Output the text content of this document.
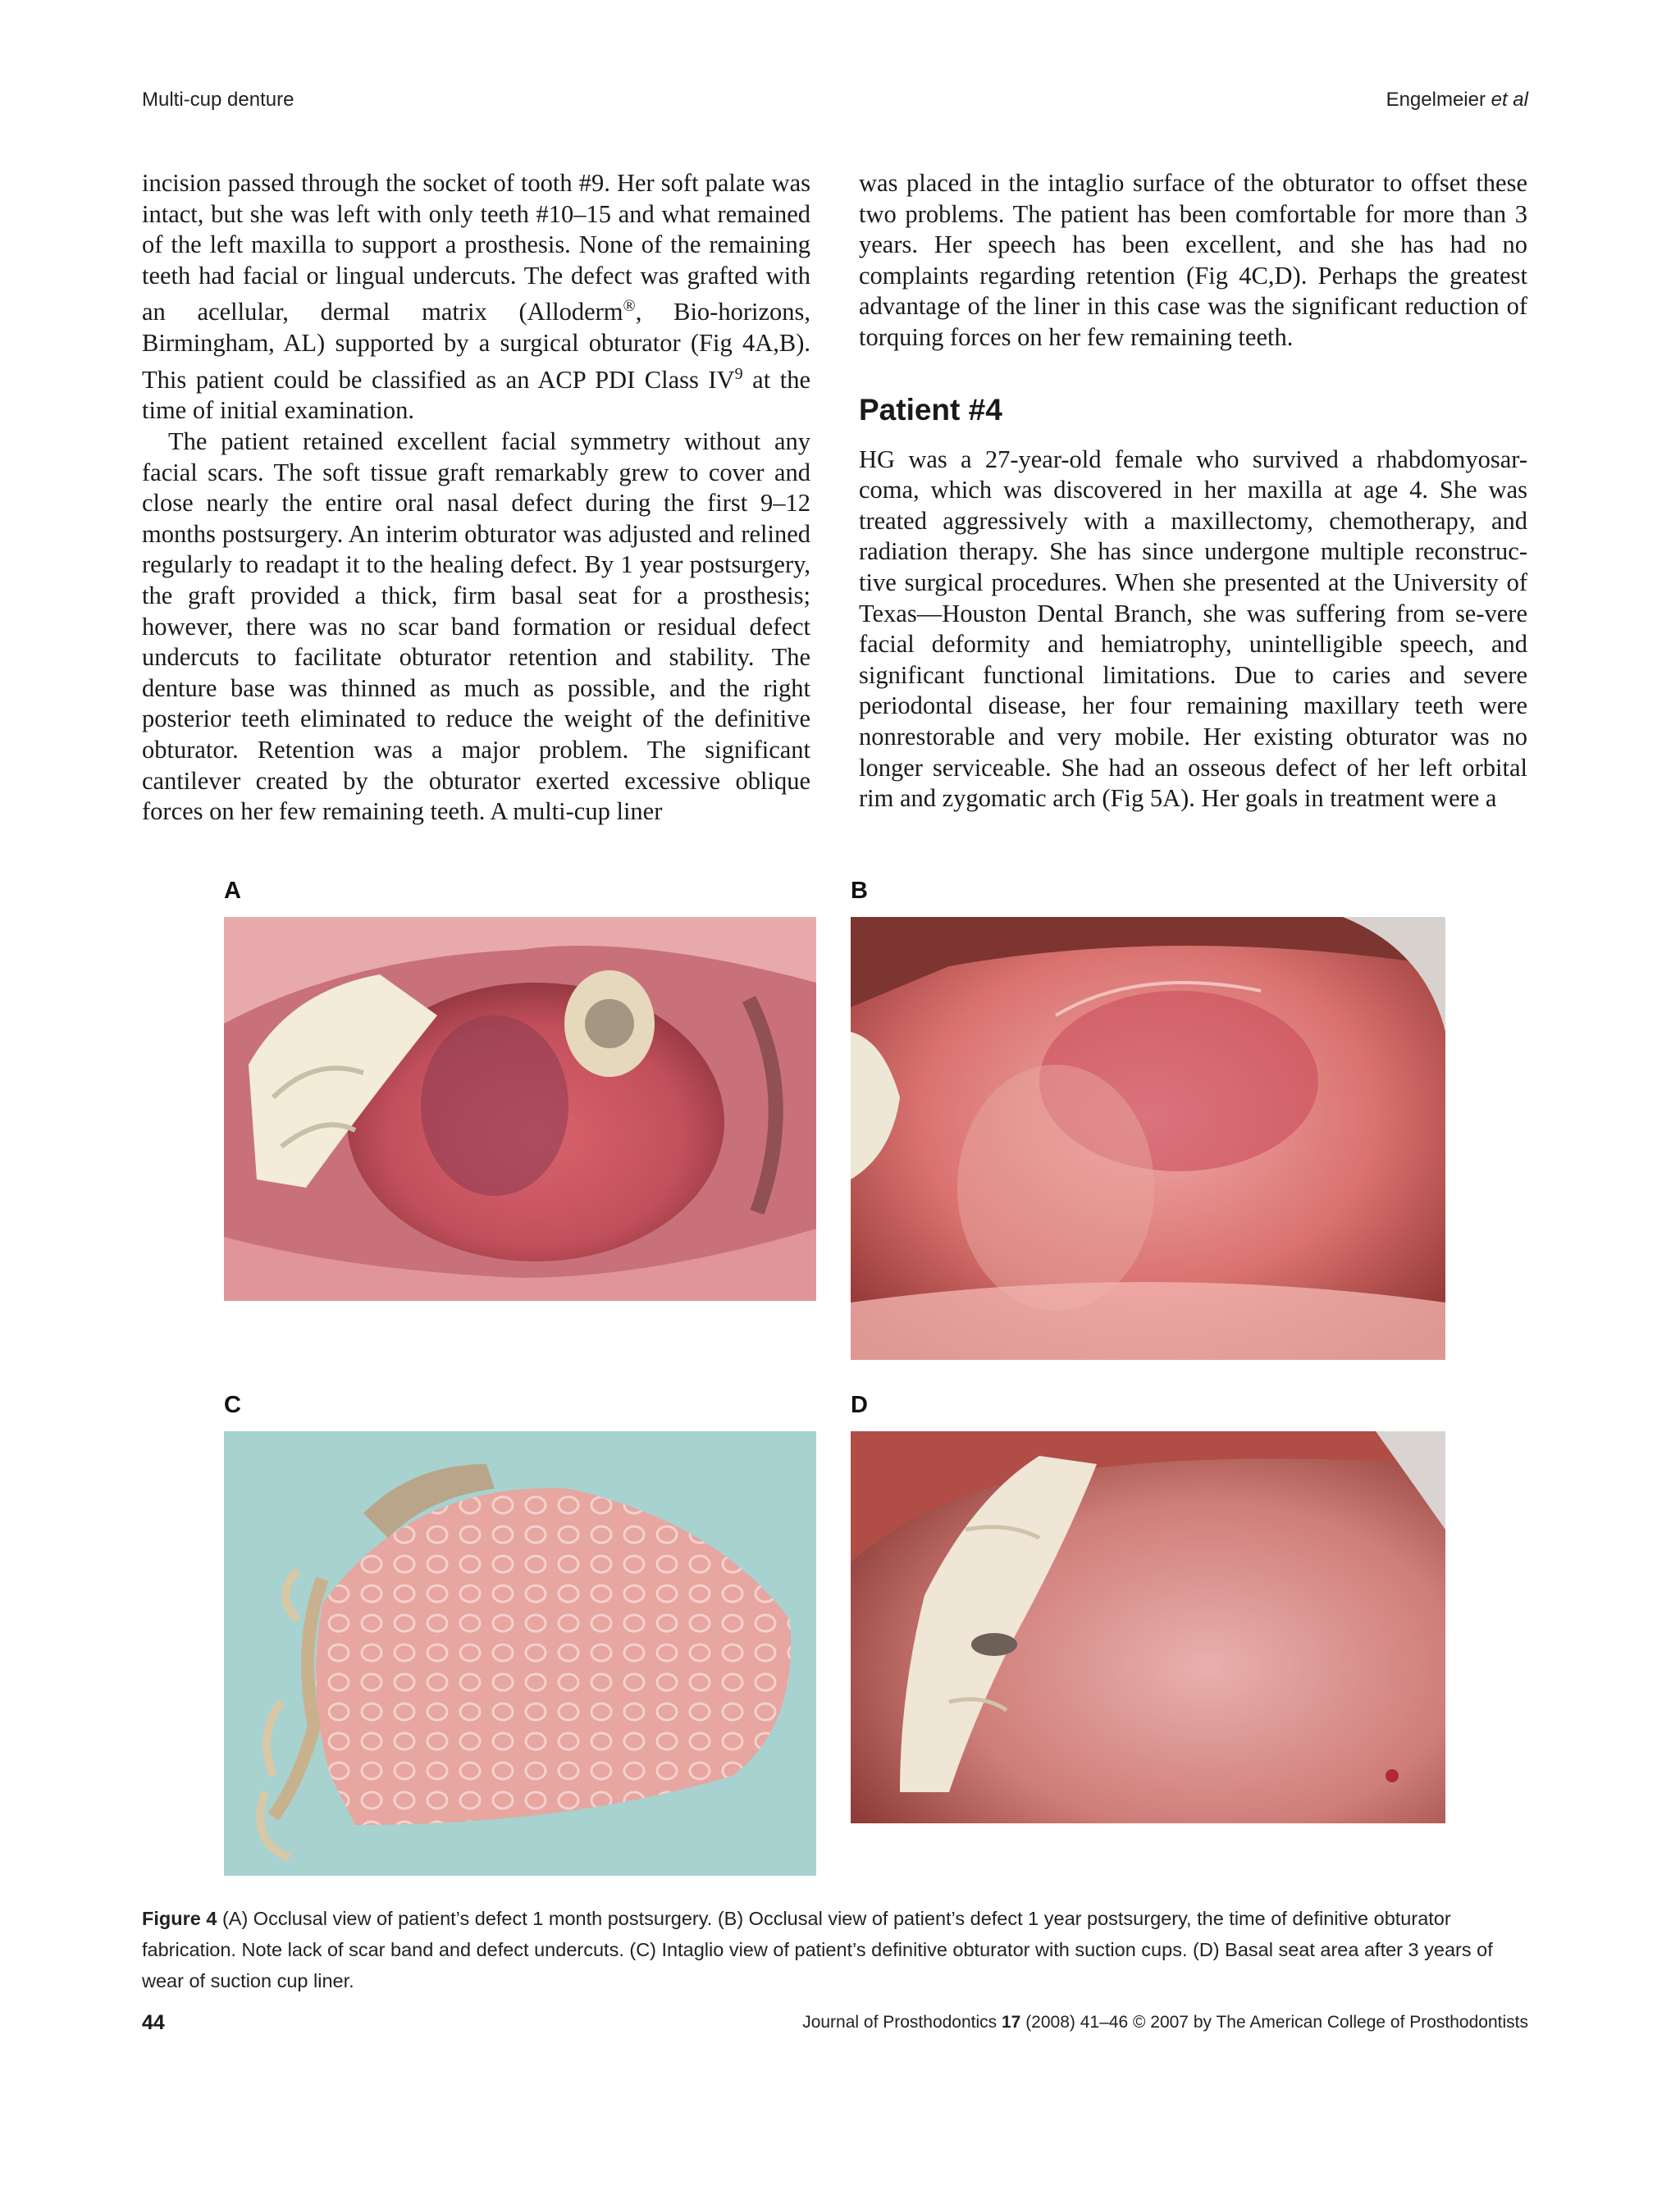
Multi-cup denture	Engelmeier et al

incision passed through the socket of tooth #9. Her soft palate was intact, but she was left with only teeth #10–15 and what remained of the left maxilla to support a prosthesis. None of the remaining teeth had facial or lingual undercuts. The defect was grafted with an acellular, dermal matrix (Alloderm®, Bio-horizons, Birmingham, AL) supported by a surgical obturator (Fig 4A,B). This patient could be classified as an ACP PDI Class $IV^9$ at the time of initial examination.

The patient retained excellent facial symmetry without any facial scars. The soft tissue graft remarkably grew to cover and close nearly the entire oral nasal defect during the first 9–12 months postsurgery. An interim obturator was adjusted and relined regularly to readapt it to the healing defect. By 1 year postsurgery, the graft provided a thick, firm basal seat for a prosthesis; however, there was no scar band formation or residual defect undercuts to facilitate obturator retention and stability. The denture base was thinned as much as possible, and the right posterior teeth eliminated to reduce the weight of the definitive obturator. Retention was a major problem. The significant cantilever created by the obturator exerted excessive oblique forces on her few remaining teeth. A multi-cup liner

was placed in the intaglio surface of the obturator to offset these two problems. The patient has been comfortable for more than 3 years. Her speech has been excellent, and she has had no complaints regarding retention (Fig 4C,D). Perhaps the greatest advantage of the liner in this case was the significant reduction of torquing forces on her few remaining teeth.

Patient #4

HG was a 27-year-old female who survived a rhabdomyosar-coma, which was discovered in her maxilla at age 4. She was treated aggressively with a maxillectomy, chemotherapy, and radiation therapy. She has since undergone multiple reconstruc-tive surgical procedures. When she presented at the University of Texas—Houston Dental Branch, she was suffering from se-vere facial deformity and hemiatrophy, unintelligible speech, and significant functional limitations. Due to caries and severe periodontal disease, her four remaining maxillary teeth were nonrestorable and very mobile. Her existing obturator was no longer serviceable. She had an osseous defect of her left orbital rim and zygomatic arch (Fig 5A). Her goals in treatment were a

A	B
C	D
Figure 4 (A) Occlusal view of patient’s defect 1 month postsurgery. (B) Occlusal view of patient’s defect 1 year postsurgery, the time of definitive obturator fabrication. Note lack of scar band and defect undercuts. (C) Intaglio view of patient’s definitive obturator with suction cups. (D) Basal seat area after 3 years of wear of suction cup liner.
44	Journal of Prosthodontics 17 (2008) 41–46 © 2007 by The American College of Prosthodontists
